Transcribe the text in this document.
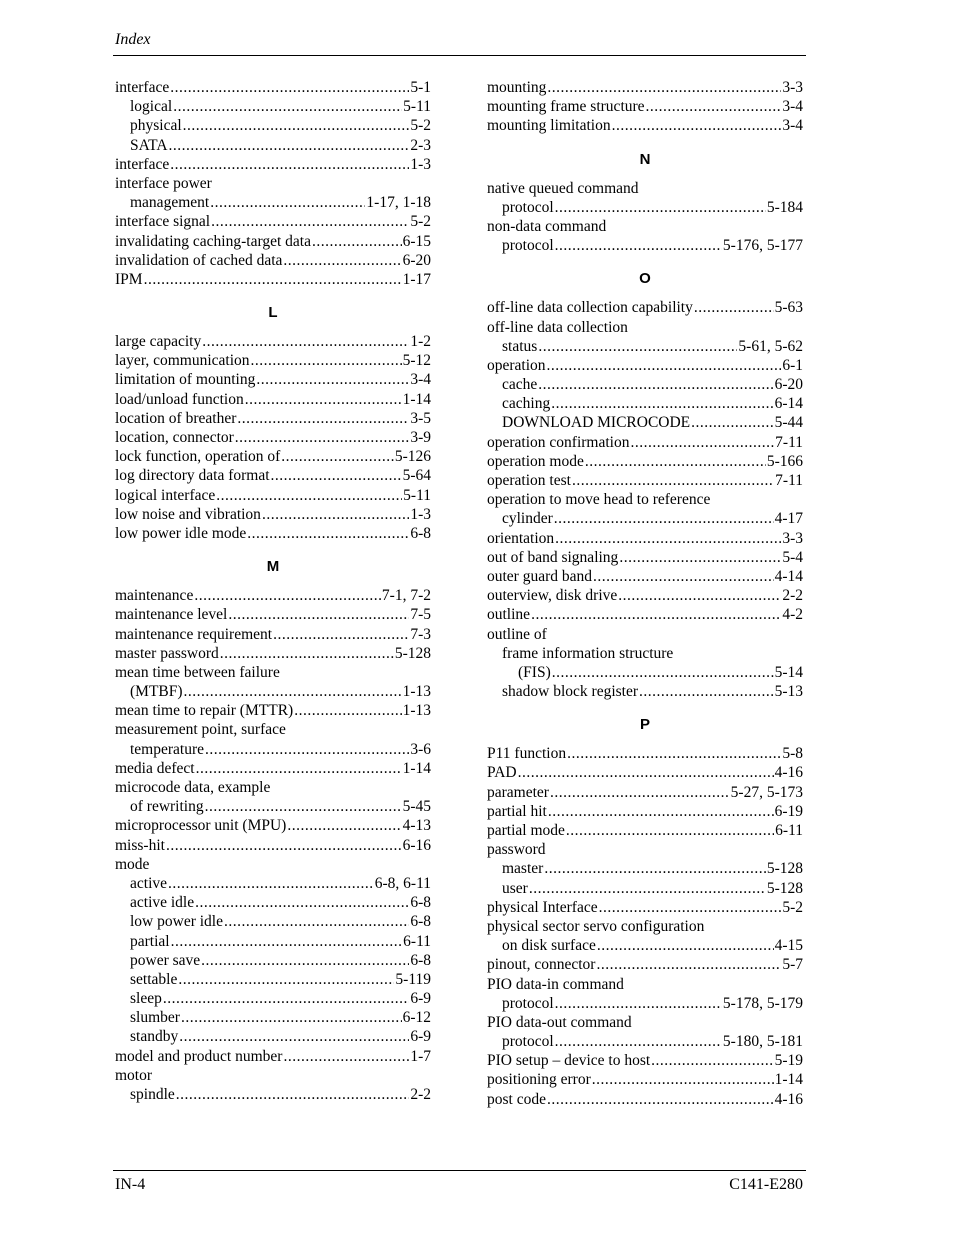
Index
interface .....	5-1
logical .....	5-11
physical .....	5-2
SATA .....	2-3
interface .....	1-3
interface power
management .....	1-17, 1-18
interface signal .....	5-2
invalidating caching-target data .....	6-15
invalidation of cached data .....	6-20
IPM .....	1-17
L
large capacity .....	1-2
layer, communication .....	5-12
limitation of mounting .....	3-4
load/unload function .....	1-14
location of breather .....	3-5
location, connector .....	3-9
lock function, operation of .....	5-126
log directory data format .....	5-64
logical interface .....	5-11
low noise and vibration .....	1-3
low power idle mode .....	6-8
M
maintenance .....	7-1, 7-2
maintenance level .....	7-5
maintenance requirement .....	7-3
master password .....	5-128
mean time between failure
(MTBF) .....	1-13
mean time to repair (MTTR) .....	1-13
measurement point, surface
temperature .....	3-6
media defect .....	1-14
microcode data, example
of rewriting .....	5-45
microprocessor unit (MPU) .....	4-13
miss-hit .....	6-16
mode
active .....	6-8, 6-11
active idle .....	6-8
low power idle .....	6-8
partial .....	6-11
power save .....	6-8
settable .....	5-119
sleep .....	6-9
slumber .....	6-12
standby .....	6-9
model and product number .....	1-7
motor
spindle .....	2-2
mounting .....	3-3
mounting frame structure .....	3-4
mounting limitation .....	3-4
N
native queued command
protocol .....	5-184
non-data command
protocol .....	5-176, 5-177
O
off-line data collection capability .....	5-63
off-line data collection
status .....	5-61, 5-62
operation .....	6-1
cache .....	6-20
caching .....	6-14
DOWNLOAD MICROCODE .....	5-44
operation confirmation .....	7-11
operation mode .....	5-166
operation test .....	7-11
operation to move head to reference
cylinder .....	4-17
orientation .....	3-3
out of band signaling .....	5-4
outer guard band .....	4-14
outerview, disk drive .....	2-2
outline .....	4-2
outline of
frame information structure
(FIS) .....	5-14
shadow block register .....	5-13
P
P11 function .....	5-8
PAD .....	4-16
parameter .....	5-27, 5-173
partial hit .....	6-19
partial mode .....	6-11
password
master .....	5-128
user .....	5-128
physical Interface .....	5-2
physical sector servo configuration
on disk surface .....	4-15
pinout, connector .....	5-7
PIO data-in command
protocol .....	5-178, 5-179
PIO data-out command
protocol .....	5-180, 5-181
PIO setup – device to host .....	5-19
positioning error .....	1-14
post code .....	4-16
IN-4	C141-E280
